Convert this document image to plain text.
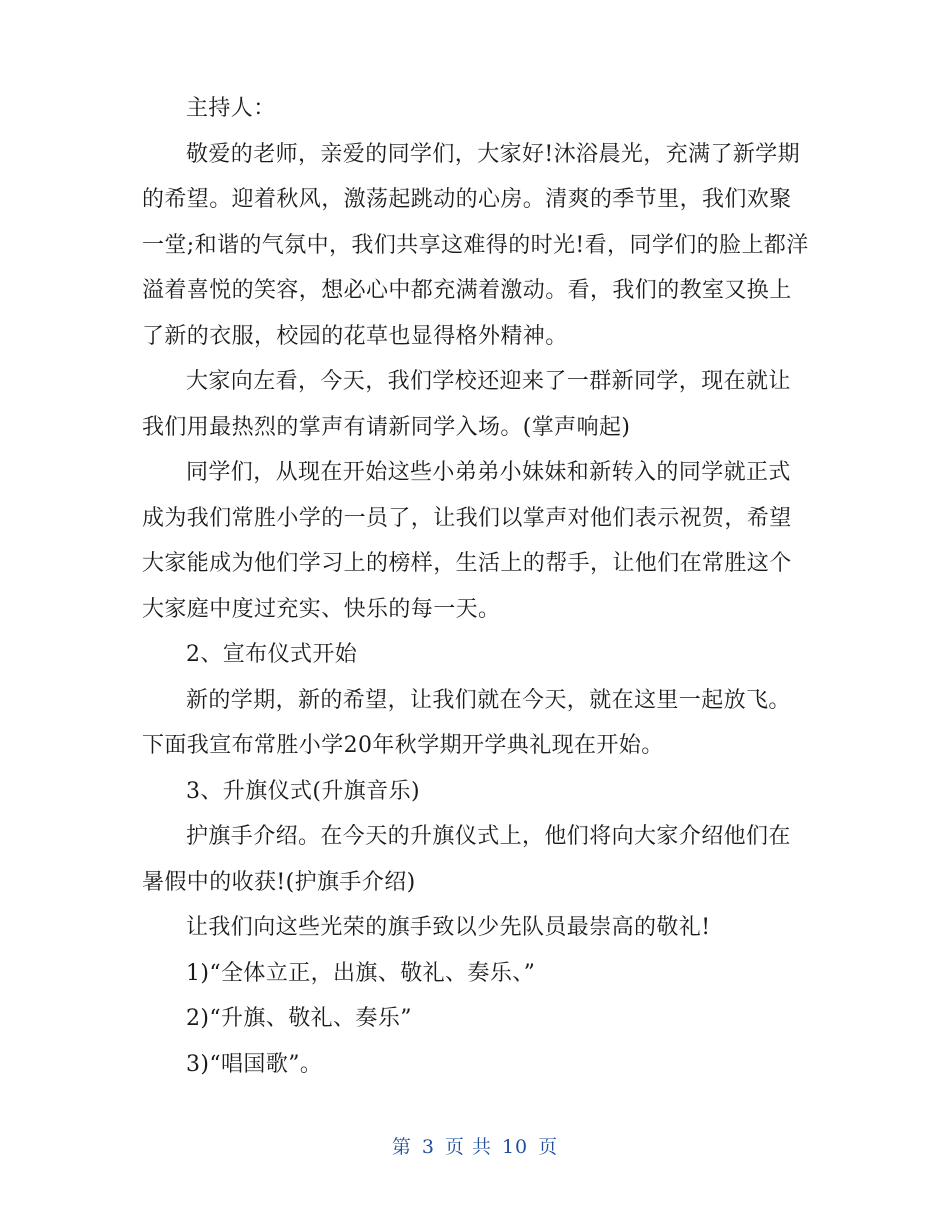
主持人：

敬爱的老师，亲爱的同学们，大家好!沐浴晨光，充满了新学期的希望。迎着秋风，激荡起跳动的心房。清爽的季节里，我们欢聚一堂;和谐的气氛中，我们共享这难得的时光!看，同学们的脸上都洋溢着喜悦的笑容，想必心中都充满着激动。看，我们的教室又换上了新的衣服，校园的花草也显得格外精神。

大家向左看，今天，我们学校还迎来了一群新同学，现在就让我们用最热烈的掌声有请新同学入场。(掌声响起)

同学们，从现在开始这些小弟弟小妹妹和新转入的同学就正式成为我们常胜小学的一员了，让我们以掌声对他们表示祝贺，希望大家能成为他们学习上的榜样，生活上的帮手，让他们在常胜这个大家庭中度过充实、快乐的每一天。

2、宣布仪式开始

新的学期，新的希望，让我们就在今天，就在这里一起放飞。下面我宣布常胜小学20年秋学期开学典礼现在开始。

3、升旗仪式(升旗音乐)

护旗手介绍。在今天的升旗仪式上，他们将向大家介绍他们在暑假中的收获!(护旗手介绍)

让我们向这些光荣的旗手致以少先队员最崇高的敬礼!

1)“全体立正，出旗、敬礼、奏乐、”

2)“升旗、敬礼、奏乐”

3)“唱国歌”。

第 3 页 共 10 页
